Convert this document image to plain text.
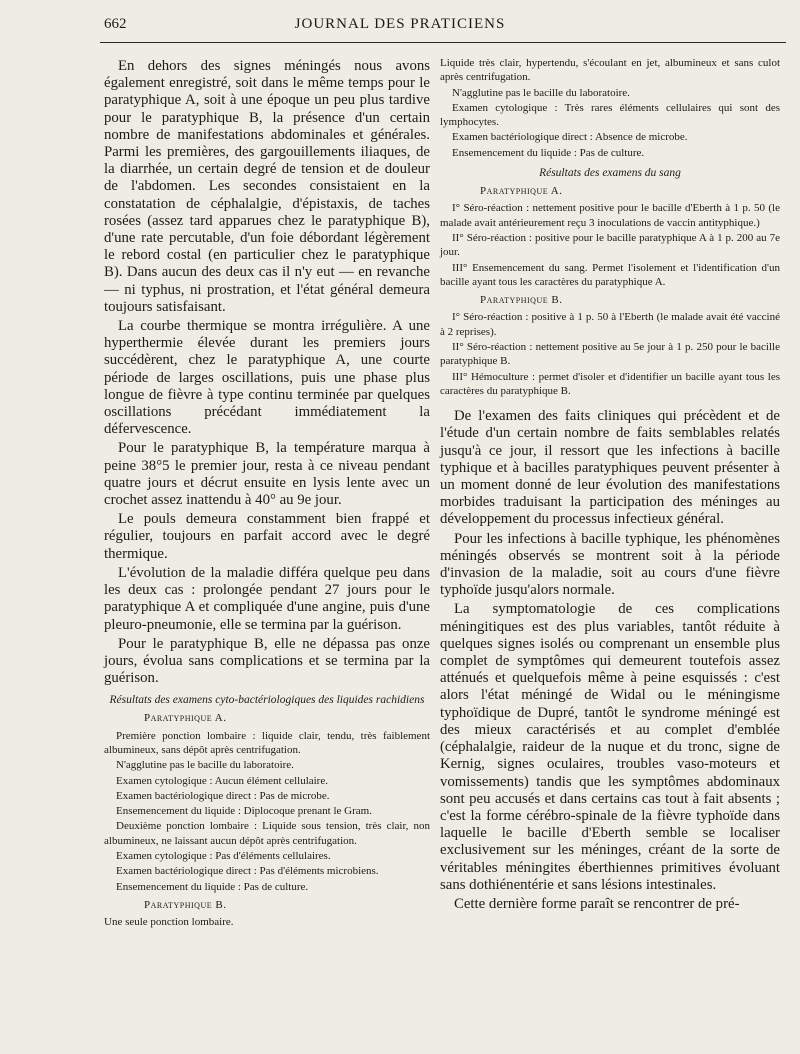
662	JOURNAL DES PRATICIENS

En dehors des signes méningés nous avons également enregistré, soit dans le même temps pour le paratyphique A, soit à une époque un peu plus tardive pour le paratyphique B, la présence d'un certain nombre de manifestations abdominales et générales. Parmi les premières, des gargouillements iliaques, de la diarrhée, un certain degré de tension et de douleur de l'abdomen. Les secondes consistaient en la constatation de céphalalgie, d'épistaxis, de taches rosées (assez tard apparues chez le paratyphique B), d'une rate percutable, d'un foie débordant légèrement le rebord costal (en particulier chez le paratyphique B). Dans aucun des deux cas il n'y eut — en revanche — ni typhus, ni prostration, et l'état général demeura toujours satisfaisant.

La courbe thermique se montra irrégulière. A une hyperthermie élevée durant les premiers jours succédèrent, chez le paratyphique A, une courte période de larges oscillations, puis une phase plus longue de fièvre à type continu terminée par quelques oscillations précédant immédiatement la défervescence.

Pour le paratyphique B, la température marqua à peine 38°5 le premier jour, resta à ce niveau pendant quatre jours et décrut ensuite en lysis lente avec un crochet assez inattendu à 40° au 9e jour.

Le pouls demeura constamment bien frappé et régulier, toujours en parfait accord avec le degré thermique.

L'évolution de la maladie différa quelque peu dans les deux cas : prolongée pendant 27 jours pour le paratyphique A et compliquée d'une angine, puis d'une pleuro-pneumonie, elle se termina par la guérison.

Pour le paratyphique B, elle ne dépassa pas onze jours, évolua sans complications et se termina par la guérison.

Résultats des examens cyto-bactériologiques des liquides rachidiens
Paratyphique A.

Première ponction lombaire : liquide clair, tendu, très faiblement albumineux, sans dépôt après centrifugation.

N'agglutine pas le bacille du laboratoire.

Examen cytologique : Aucun élément cellulaire.

Examen bactériologique direct : Pas de microbe.

Ensemencement du liquide : Diplocoque prenant le Gram.

Deuxième ponction lombaire : Liquide sous tension, très clair, non albumineux, ne laissant aucun dépôt après centrifugation.

Examen cytologique : Pas d'éléments cellulaires.

Examen bactériologique direct : Pas d'éléments microbiens.

Ensemencement du liquide : Pas de culture.

Paratyphique B.

Une seule ponction lombaire.

Liquide très clair, hypertendu, s'écoulant en jet, albumineux et sans culot après centrifugation.

N'agglutine pas le bacille du laboratoire.

Examen cytologique : Très rares éléments cellulaires qui sont des lymphocytes.

Examen bactériologique direct : Absence de microbe.

Ensemencement du liquide : Pas de culture.

Résultats des examens du sang
Paratyphique A.

I° Séro-réaction : nettement positive pour le bacille d'Eberth à 1 p. 50 (le malade avait antérieurement reçu 3 inoculations de vaccin antityphique.)

II° Séro-réaction : positive pour le bacille paratyphique A à 1 p. 200 au 7e jour.

III° Ensemencement du sang. Permet l'isolement et l'identification d'un bacille ayant tous les caractères du paratyphique A.

Paratyphique B.

I° Séro-réaction : positive à 1 p. 50 à l'Eberth (le malade avait été vacciné à 2 reprises).

II° Séro-réaction : nettement positive au 5e jour à 1 p. 250 pour le bacille paratyphique B.

III° Hémoculture : permet d'isoler et d'identifier un bacille ayant tous les caractères du paratyphique B.

De l'examen des faits cliniques qui précèdent et de l'étude d'un certain nombre de faits semblables relatés jusqu'à ce jour, il ressort que les infections à bacille typhique et à bacilles paratyphiques peuvent présenter à un moment donné de leur évolution des manifestations morbides traduisant la participation des méninges au développement du processus infectieux général.

Pour les infections à bacille typhique, les phénomènes méningés observés se montrent soit à la période d'invasion de la maladie, soit au cours d'une fièvre typhoïde jusqu'alors normale.

La symptomatologie de ces complications méningitiques est des plus variables, tantôt réduite à quelques signes isolés ou comprenant un ensemble plus complet de symptômes qui demeurent toutefois assez atténués et quelquefois même à peine esquissés : c'est alors l'état méningé de Widal ou le méningisme typhoïdique de Dupré, tantôt le syndrome méningé est des mieux caractérisés et au complet d'emblée (céphalalgie, raideur de la nuque et du tronc, signe de Kernig, signes oculaires, troubles vaso-moteurs et vomissements) tandis que les symptômes abdominaux sont peu accusés et dans certains cas tout à fait absents ; c'est la forme cérébro-spinale de la fièvre typhoïde dans laquelle le bacille d'Eberth semble se localiser exclusivement sur les méninges, créant de la sorte de véritables méningites éberthiennes primitives évoluant sans dothiénentérie et sans lésions intestinales.

Cette dernière forme paraît se rencontrer de pré-
